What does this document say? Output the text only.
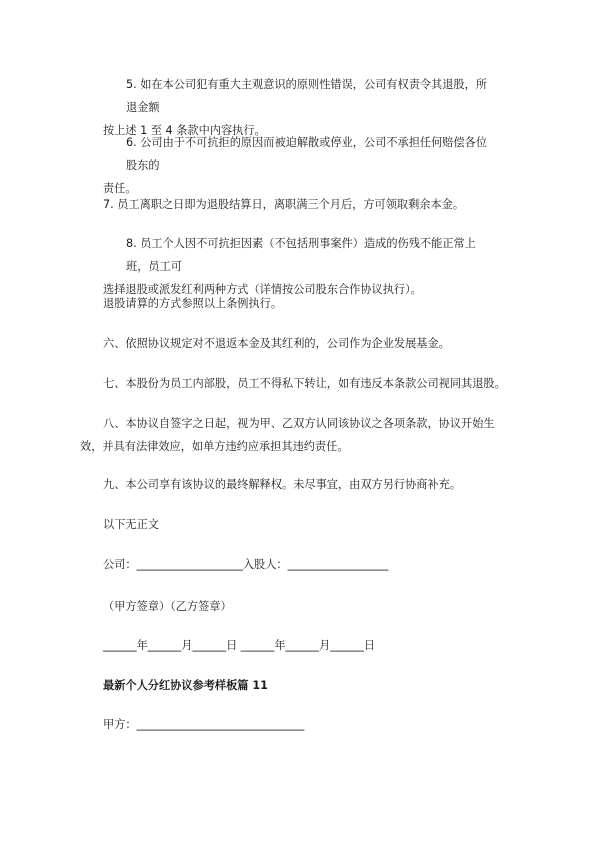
5. 如在本公司犯有重大主观意识的原则性错误，公司有权责令其退股，所退金额
按上述 1 至 4 条款中内容执行。

6. 公司由于不可抗拒的原因而被迫解散或停业，公司不承担任何赔偿各位股东的
责任。

7. 员工离职之日即为退股结算日，离职满三个月后，方可领取剩余本金。

8. 员工个人因不可抗拒因素（不包括刑事案件）造成的伤残不能正常上班，员工可
选择退股或派发红利两种方式（详情按公司股东合作协议执行）。

退股请算的方式参照以上条例执行。

六、依照协议规定对不退返本金及其红利的，公司作为企业发展基金。

七、本股份为员工内部股，员工不得私下转让，如有违反本条款公司视同其退股。

八、本协议自签字之日起，视为甲、乙双方认同该协议之各项条款，协议开始生
效，并具有法律效应，如单方违约应承担其违约责任。

九、本公司享有该协议的最终解释权。未尽事宜，由双方另行协商补充。

以下无正文

公司：___________________入股人：__________________

（甲方签章）（乙方签章）

______年______月______日 ______年______月______日

最新个人分红协议参考样板篇 11

甲方：______________________________
